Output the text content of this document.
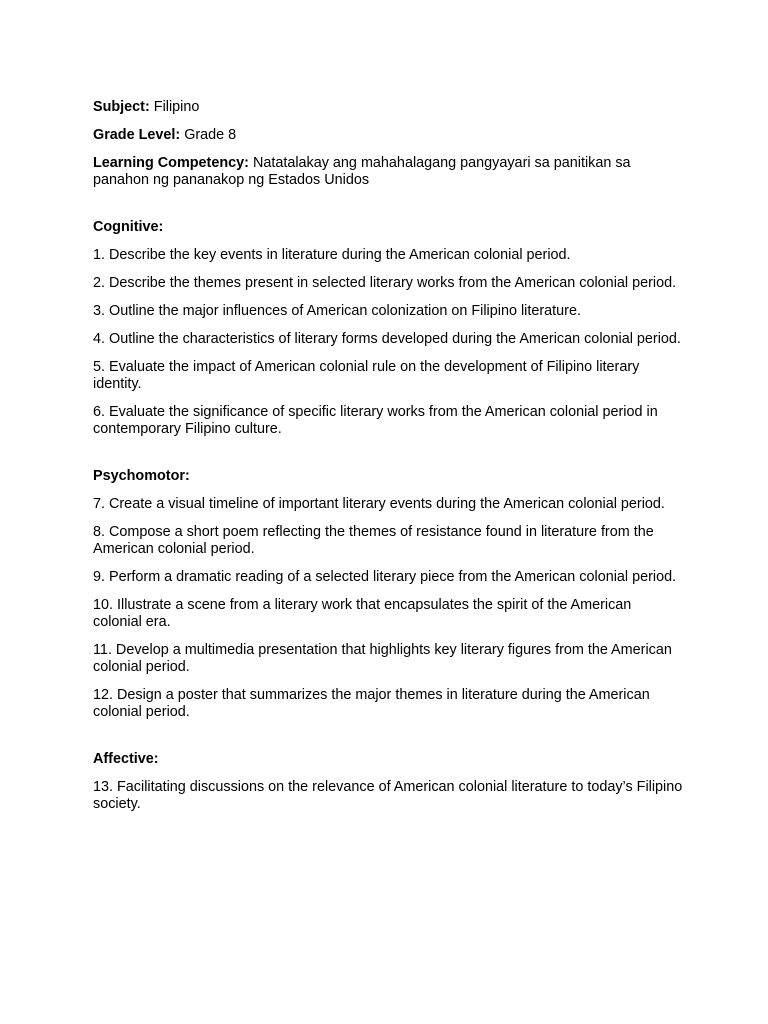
Subject: Filipino
Grade Level: Grade 8
Learning Competency: Natatalakay ang mahahalagang pangyayari sa panitikan sa panahon ng pananakop ng Estados Unidos
Cognitive:
1. Describe the key events in literature during the American colonial period.
2. Describe the themes present in selected literary works from the American colonial period.
3. Outline the major influences of American colonization on Filipino literature.
4. Outline the characteristics of literary forms developed during the American colonial period.
5. Evaluate the impact of American colonial rule on the development of Filipino literary identity.
6. Evaluate the significance of specific literary works from the American colonial period in contemporary Filipino culture.
Psychomotor:
7. Create a visual timeline of important literary events during the American colonial period.
8. Compose a short poem reflecting the themes of resistance found in literature from the American colonial period.
9. Perform a dramatic reading of a selected literary piece from the American colonial period.
10. Illustrate a scene from a literary work that encapsulates the spirit of the American colonial era.
11. Develop a multimedia presentation that highlights key literary figures from the American colonial period.
12. Design a poster that summarizes the major themes in literature during the American colonial period.
Affective:
13. Facilitating discussions on the relevance of American colonial literature to today’s Filipino society.
